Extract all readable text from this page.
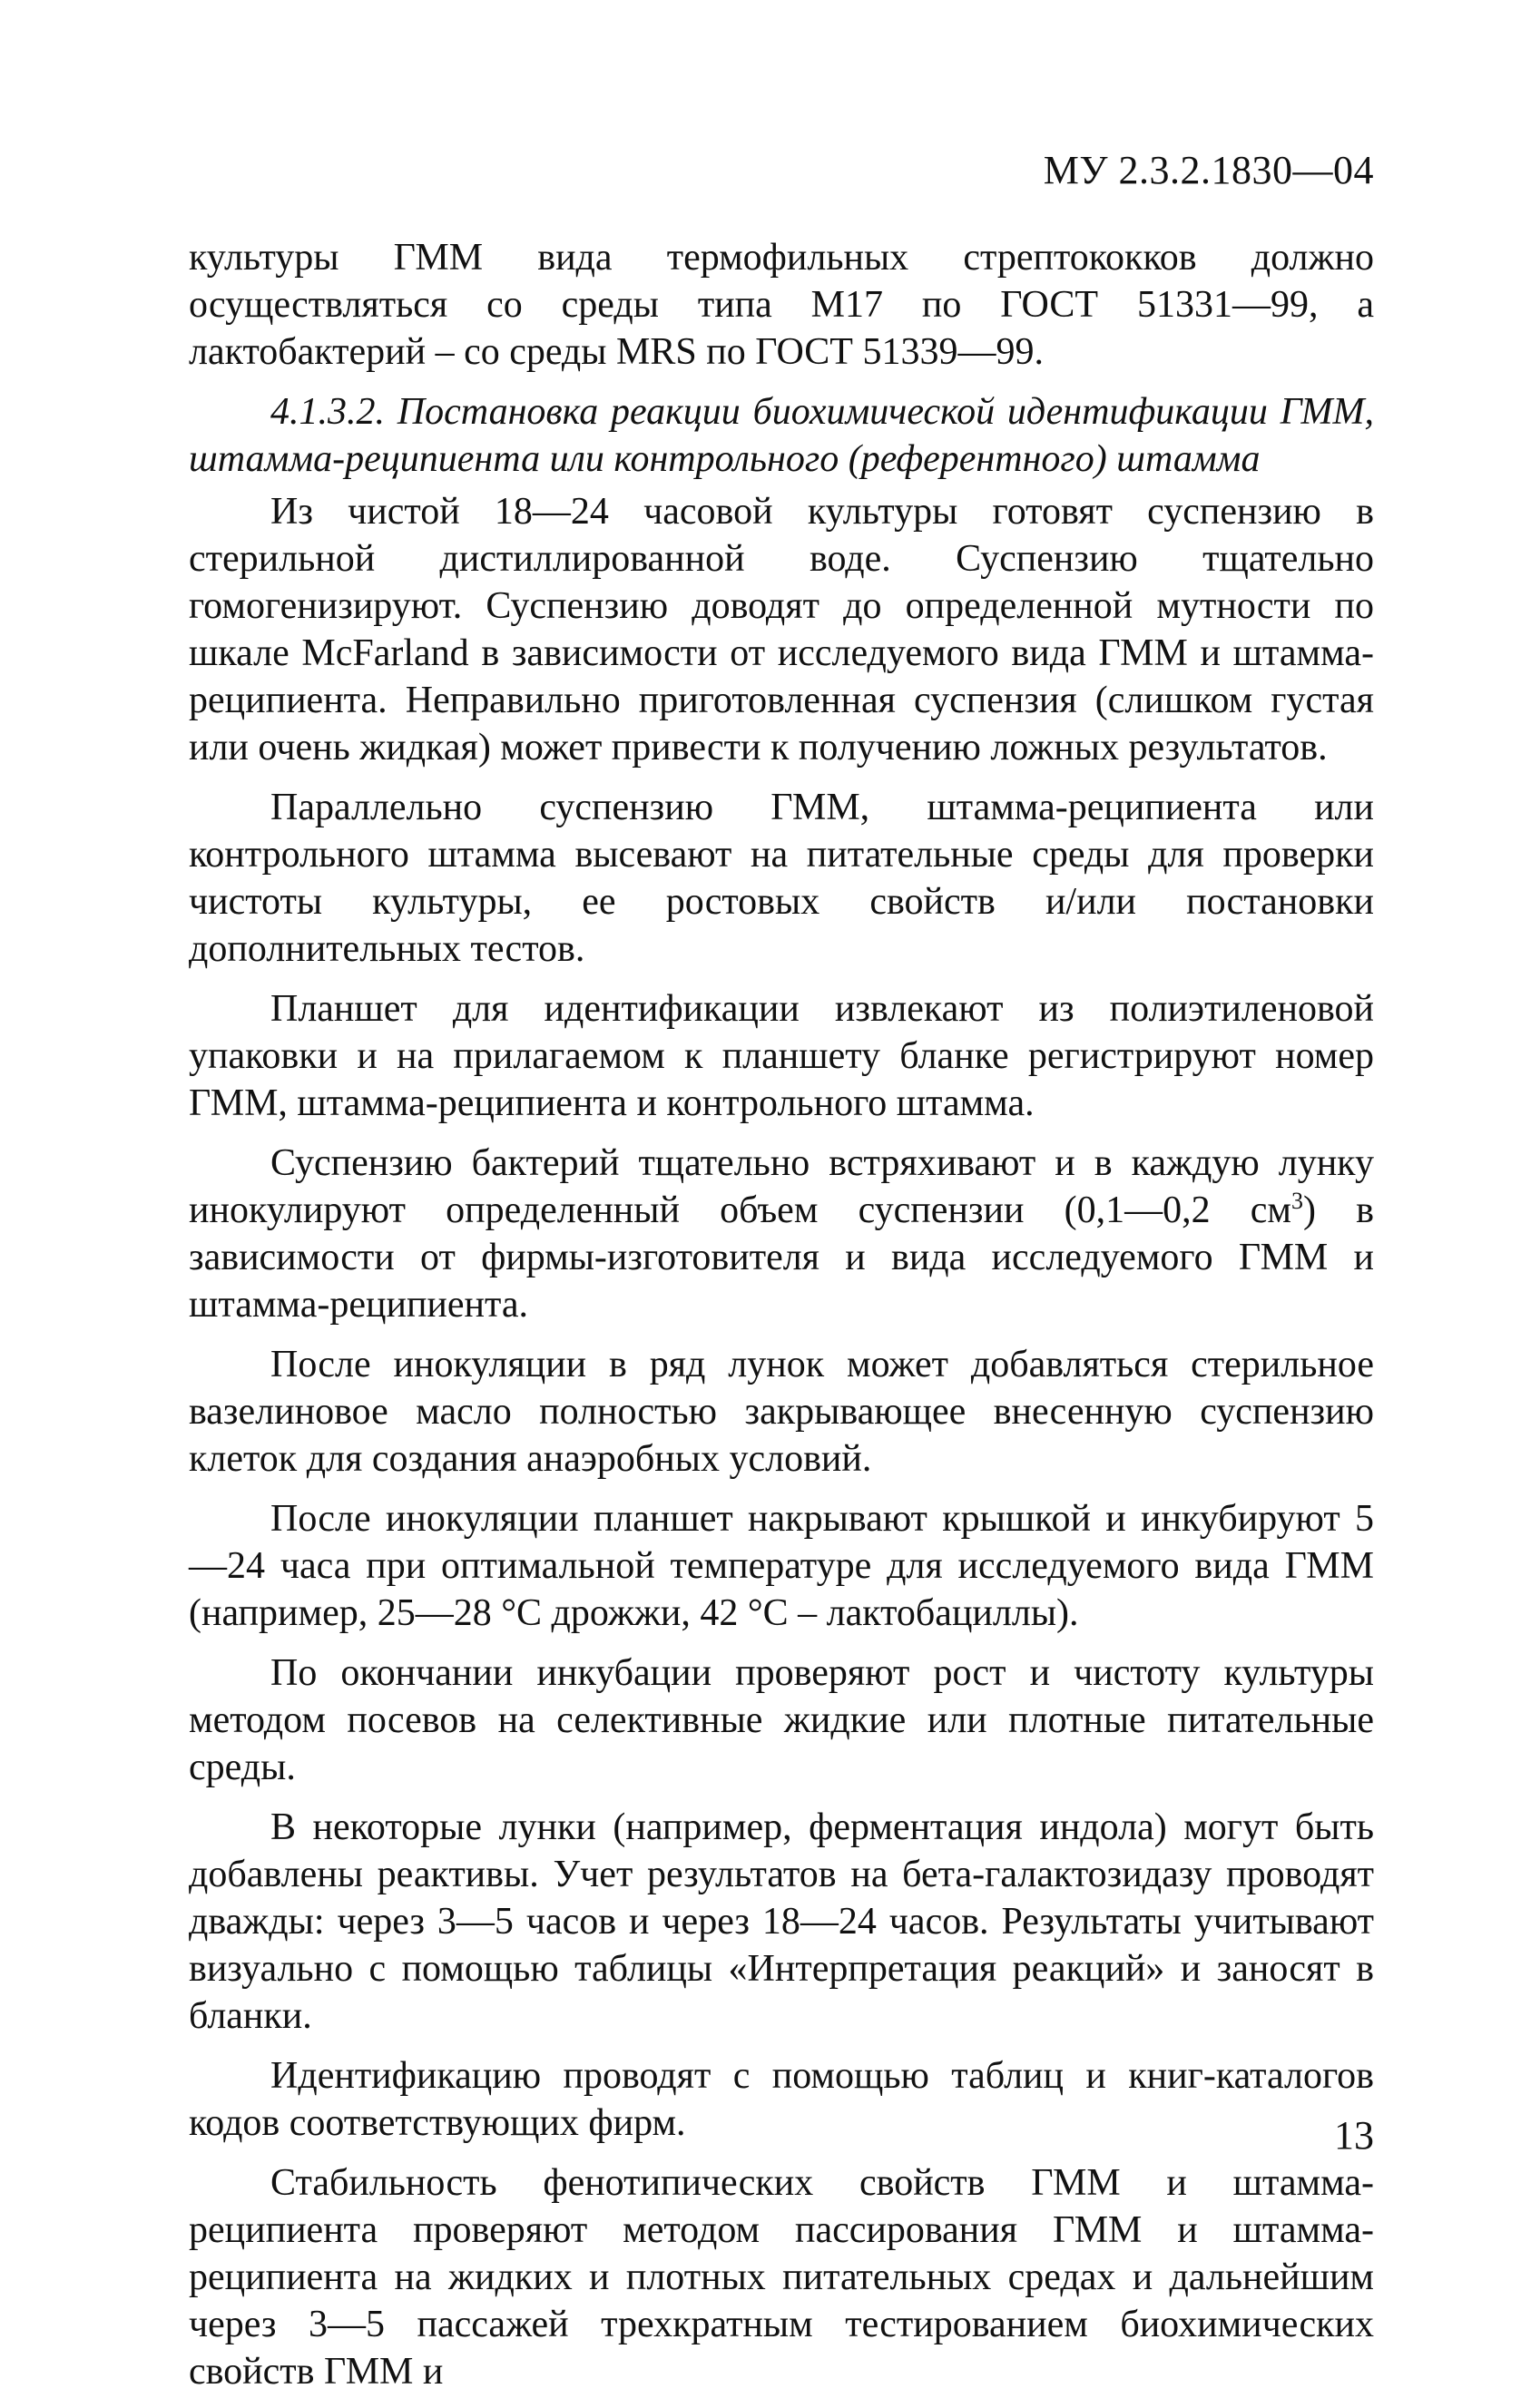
МУ 2.3.2.1830—04

культуры ГММ вида термофильных стрептококков должно осуществляться со среды типа М17 по ГОСТ 51331—99, а лактобактерий – со среды MRS по ГОСТ 51339—99.

4.1.3.2. Постановка реакции биохимической идентификации ГММ, штамма-реципиента или контрольного (референтного) штамма

Из чистой 18—24 часовой культуры готовят суспензию в стерильной дистиллированной воде. Суспензию тщательно гомогенизируют. Суспензию доводят до определенной мутности по шкале McFarland в зависимости от исследуемого вида ГММ и штамма-реципиента. Неправильно приготовленная суспензия (слишком густая или очень жидкая) может привести к получению ложных результатов.

Параллельно суспензию ГММ, штамма-реципиента или контрольного штамма высевают на питательные среды для проверки чистоты культуры, ее ростовых свойств и/или постановки дополнительных тестов.

Планшет для идентификации извлекают из полиэтиленовой упаковки и на прилагаемом к планшету бланке регистрируют номер ГММ, штамма-реципиента и контрольного штамма.

Суспензию бактерий тщательно встряхивают и в каждую лунку инокулируют определенный объем суспензии (0,1—0,2 $см^3$) в зависимости от фирмы-изготовителя и вида исследуемого ГММ и штамма-реципиента.

После инокуляции в ряд лунок может добавляться стерильное вазелиновое масло полностью закрывающее внесенную суспензию клеток для создания анаэробных условий.

После инокуляции планшет накрывают крышкой и инкубируют 5—24 часа при оптимальной температуре для исследуемого вида ГММ (например, 25—28 °С дрожжи, 42 °С – лактобациллы).

По окончании инкубации проверяют рост и чистоту культуры методом посевов на селективные жидкие или плотные питательные среды.

В некоторые лунки (например, ферментация индола) могут быть добавлены реактивы. Учет результатов на бета-галактозидазу проводят дважды: через 3—5 часов и через 18—24 часов. Результаты учитывают визуально с помощью таблицы «Интерпретация реакций» и заносят в бланки.

Идентификацию проводят с помощью таблиц и книг-каталогов кодов соответствующих фирм.

Стабильность фенотипических свойств ГММ и штамма-реципиента проверяют методом пассирования ГММ и штамма-реципиента на жидких и плотных питательных средах и дальнейшим через 3—5 пассажей трехкратным тестированием биохимических свойств ГММ и

13
